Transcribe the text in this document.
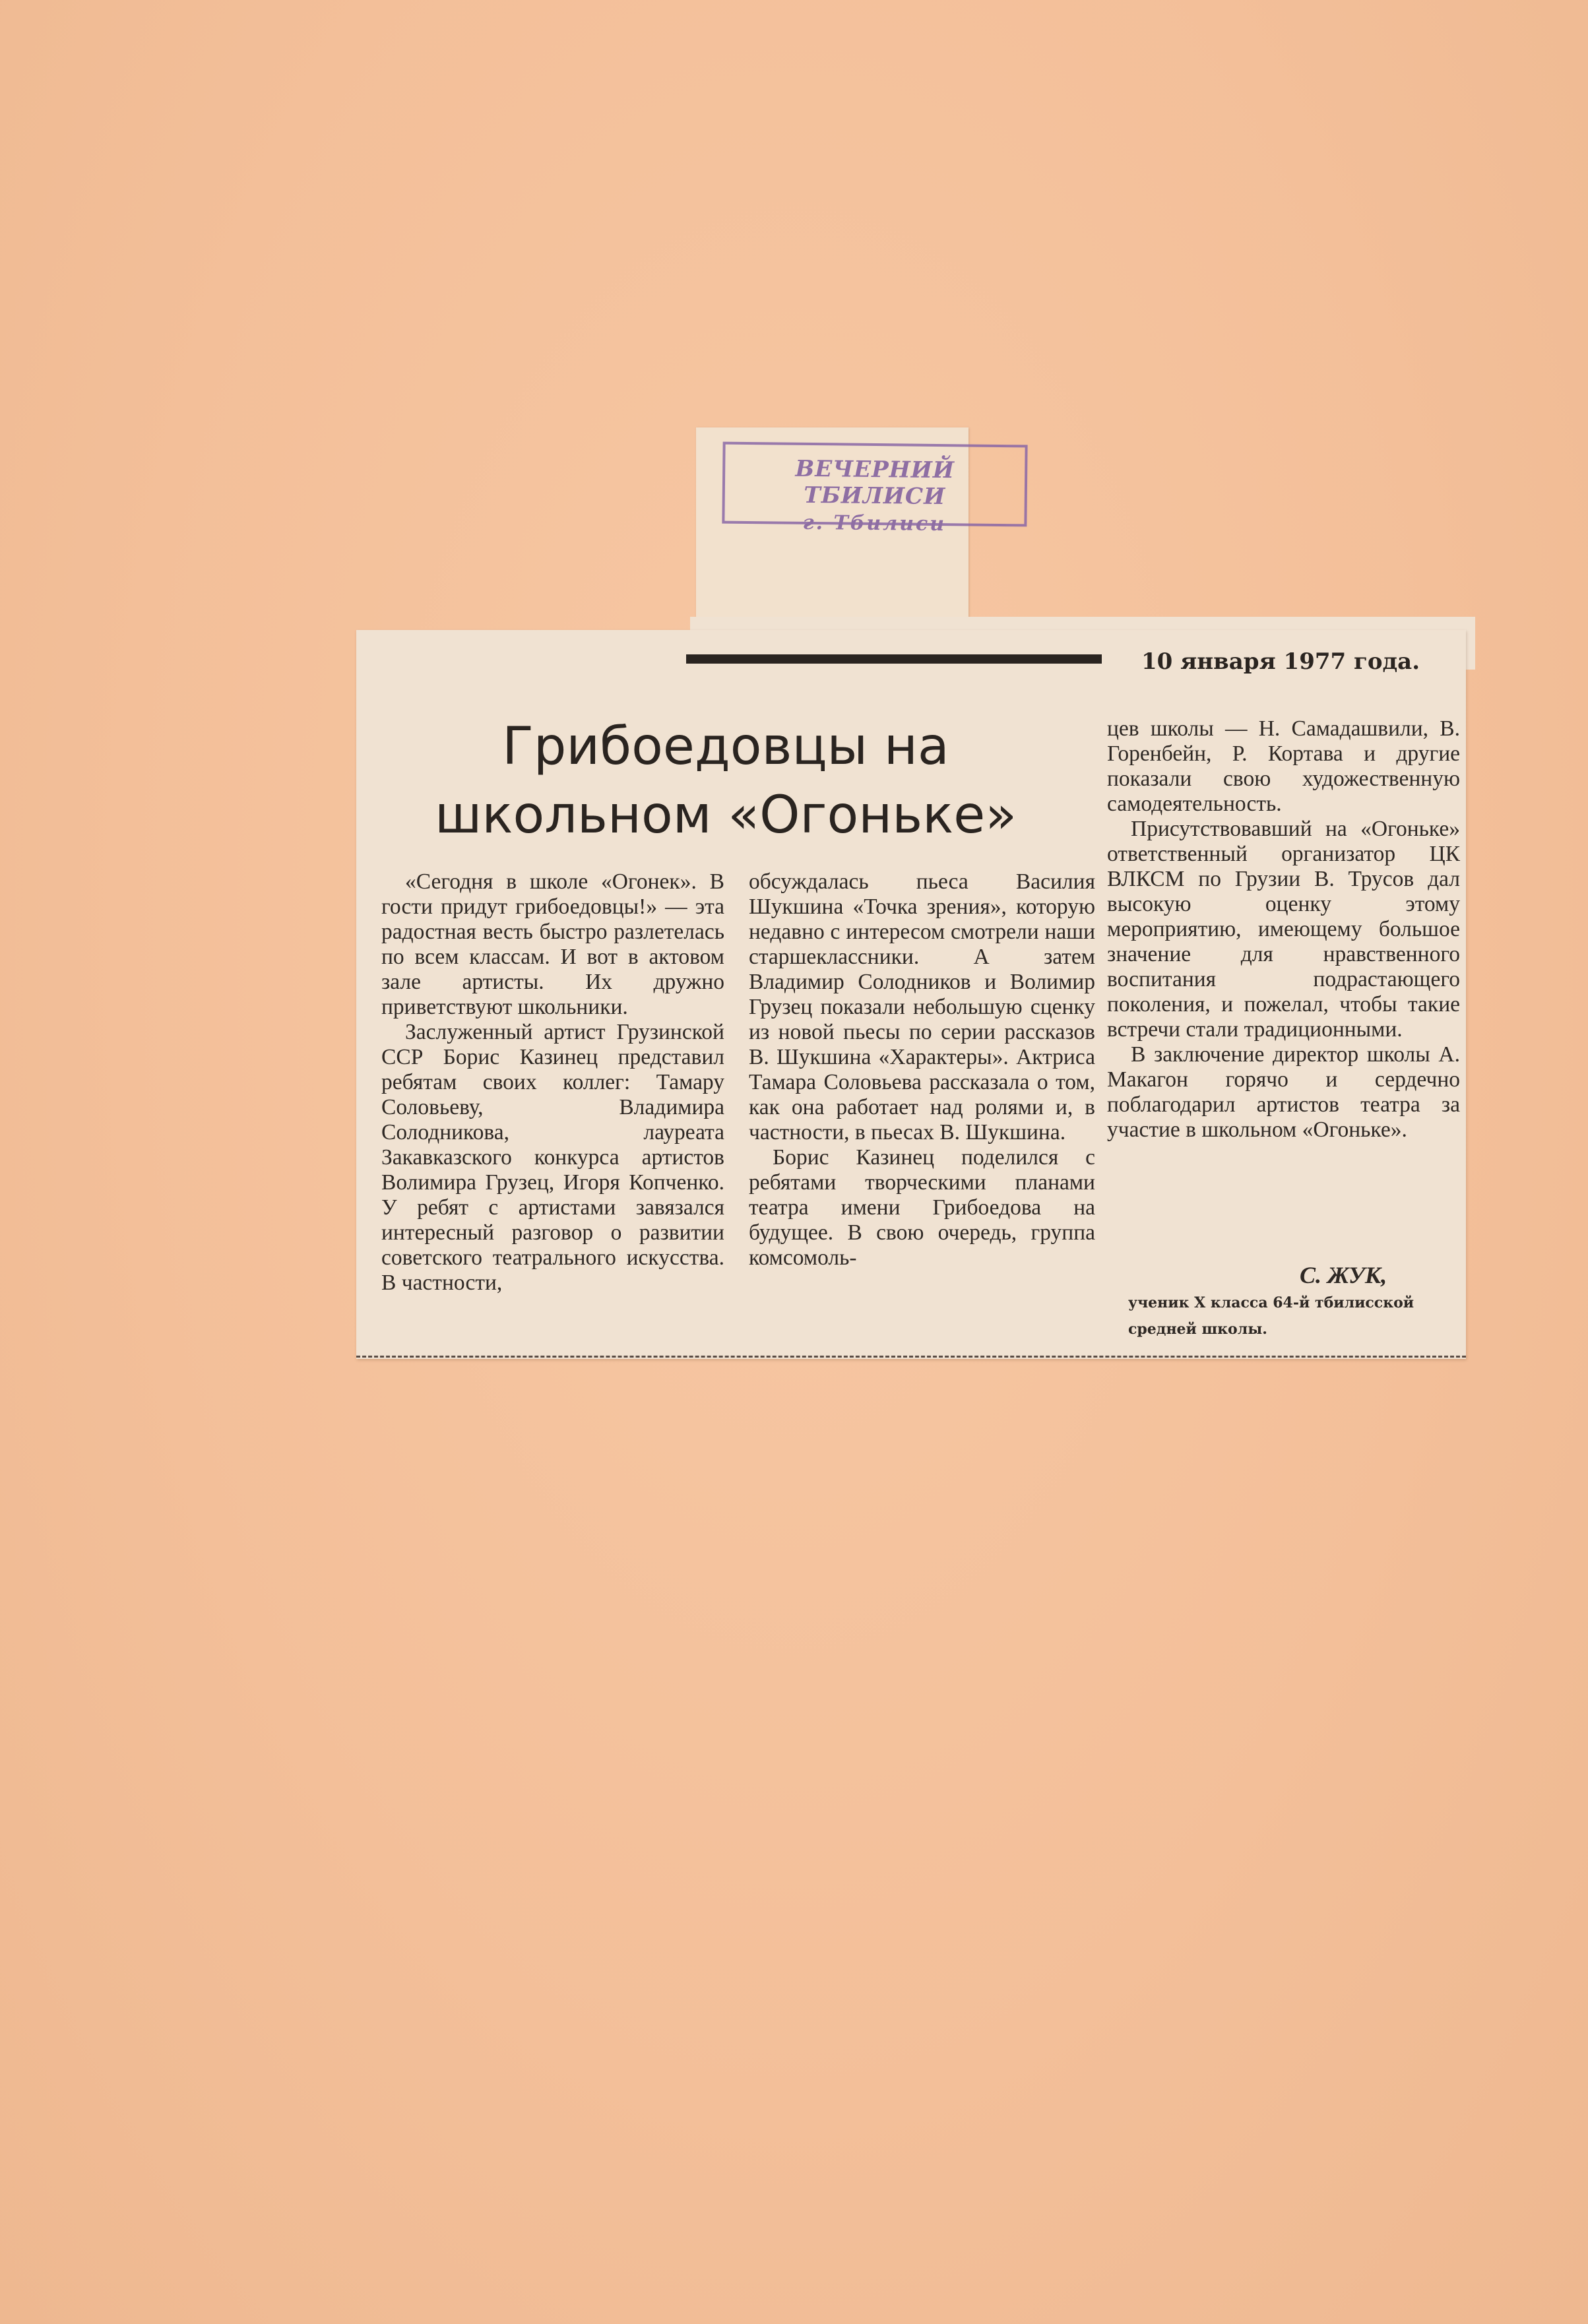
ВЕЧЕРНИЙ ТБИЛИСИ
г. Тбилиси
10 января 1977 года.
Грибоедовцы на
школьном «Огоньке»

«Сегодня в школе «Огонек». В гости придут грибоедовцы!» — эта радостная весть быстро разлетелась по всем классам. И вот в актовом зале артисты. Их дружно приветствуют школьники.

Заслуженный артист Грузинской ССР Борис Казинец представил ребятам своих коллег: Тамару Соловьеву, Владимира Солодникова, лауреата Закавказского конкурса артистов Волимира Грузец, Игоря Копченко. У ребят с артистами завязался интересный разговор о развитии советского театрального искусства. В частности,

обсуждалась пьеса Василия Шукшина «Точка зрения», которую недавно с интересом смотрели наши старшеклассники. А затем Владимир Солодников и Волимир Грузец показали небольшую сценку из новой пьесы по серии рассказов В. Шукшина «Характеры». Актриса Тамара Соловьева рассказала о том, как она работает над ролями и, в частности, в пьесах В. Шукшина.

Борис Казинец поделился с ребятами творческими планами театра имени Грибоедова на будущее. В свою очередь, группа комсомоль-

цев школы — Н. Самадашвили, В. Горенбейн, Р. Кортава и другие показали свою художественную самодеятельность.

Присутствовавший на «Огоньке» ответственный организатор ЦК ВЛКСМ по Грузии В. Трусов дал высокую оценку этому мероприятию, имеющему большое значение для нравственного воспитания подрастающего поколения, и пожелал, чтобы такие встречи стали традиционными.

В заключение директор школы А. Макагон горячо и сердечно поблагодарил артистов театра за участие в школьном «Огоньке».

С. ЖУК,
ученик X класса 64-й тбилисской средней школы.
